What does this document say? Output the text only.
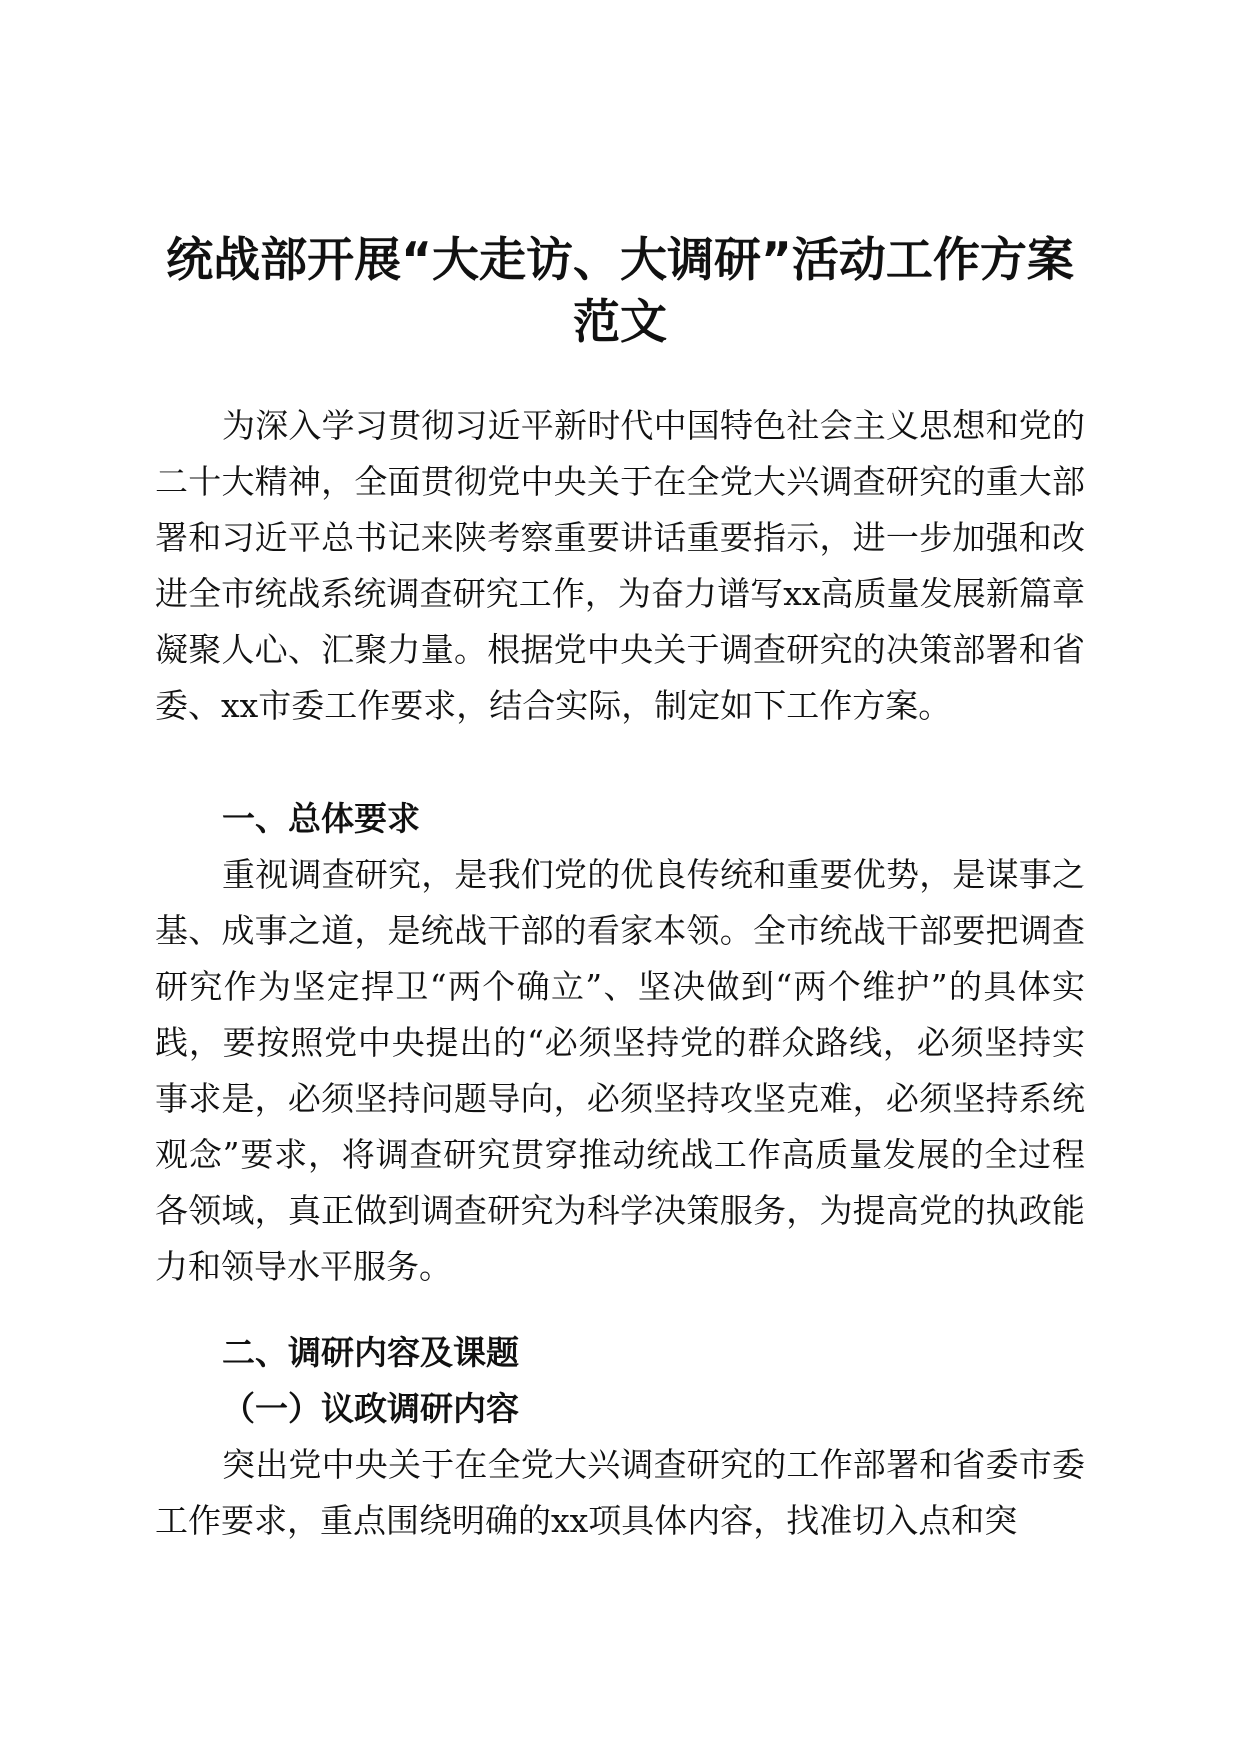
统战部开展“大走访、大调研”活动工作方案
范文

为深入学习贯彻习近平新时代中国特色社会主义思想和党的二十大精神，全面贯彻党中央关于在全党大兴调查研究的重大部署和习近平总书记来陕考察重要讲话重要指示，进一步加强和改进全市统战系统调查研究工作，为奋力谱写xx高质量发展新篇章凝聚人心、汇聚力量。根据党中央关于调查研究的决策部署和省委、xx市委工作要求，结合实际，制定如下工作方案。

一、总体要求

重视调查研究，是我们党的优良传统和重要优势，是谋事之基、成事之道，是统战干部的看家本领。全市统战干部要把调查研究作为坚定捍卫“两个确立”、坚决做到“两个维护”的具体实践，要按照党中央提出的“必须坚持党的群众路线，必须坚持实事求是，必须坚持问题导向，必须坚持攻坚克难，必须坚持系统观念”要求，将调查研究贯穿推动统战工作高质量发展的全过程各领域，真正做到调查研究为科学决策服务，为提高党的执政能力和领导水平服务。

二、调研内容及课题
（一）议政调研内容

突出党中央关于在全党大兴调查研究的工作部署和省委市委工作要求，重点围绕明确的xx项具体内容，找准切入点和突
